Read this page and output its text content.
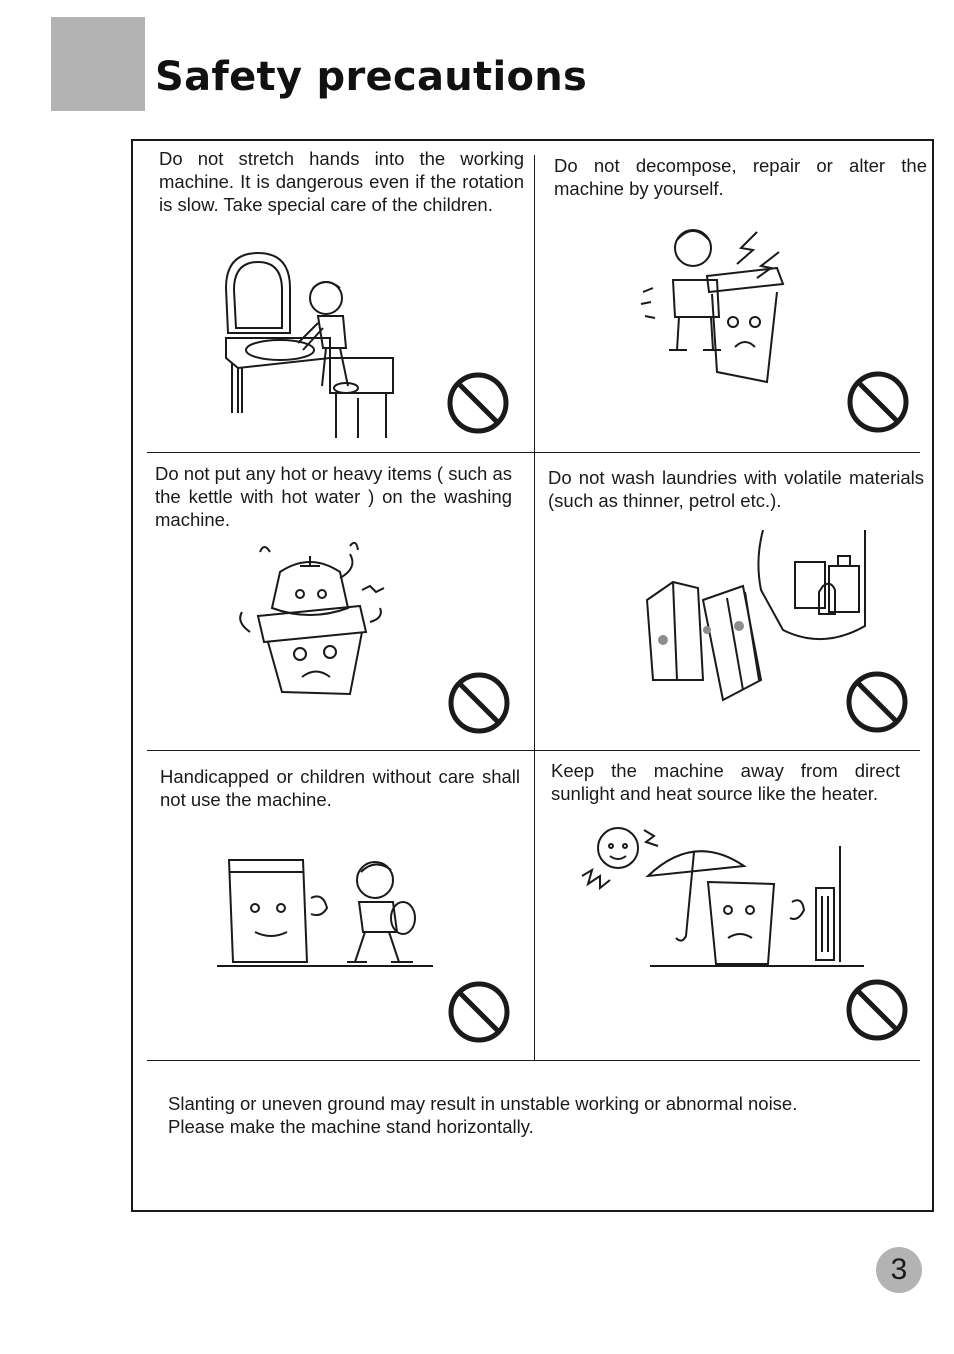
Safety precautions
Do not stretch hands into the working machine. It is dangerous even if the rotation is slow. Take special care of the children.
Do not decompose, repair or alter the machine by yourself.
Do not put any hot or heavy items ( such as the kettle with hot water ) on the washing machine.
Do not wash laundries with volatile materials (such as thinner, petrol etc.).
Handicapped or children without care shall not use the machine.
Keep the machine away from direct sunlight and heat source like the heater.
Slanting or uneven ground may result in unstable working or abnormal noise.
Please make the machine stand horizontally.
3
